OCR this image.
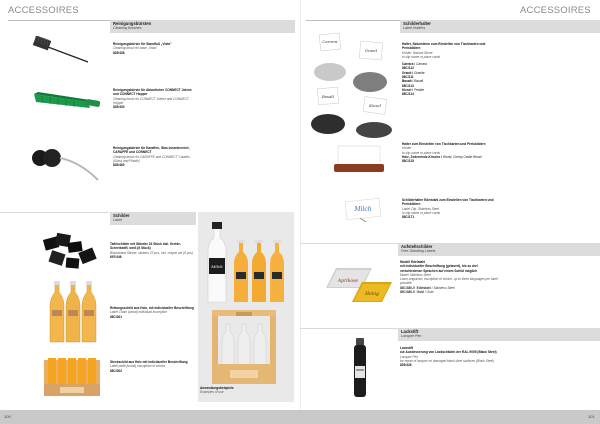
ACCESSOIRES
Reinigungsbürsten
Cleaning Brushes
Reinigungsbürste für Standfuß „Vista"
Cleaning brush for base „Vista"
825/408
Reinigungsbürste für Ablaufrohre CONNECT Jolene und CONNECT Hopper
Cleaning brush for CONNECT Jolene and CONNECT Hopper
825/400
Reinigungsbürste für Karaffen, Glas-Innenbereich, CARAFFE und CONNECT
Cleaning brush for CARAFFE and CONNECT Carafes (Glass and Plastic)
825/460
Schilder
Label
Tafelschilder mit Ständer 23 Stück inkl. Kreide-Schreibstift, weiß (6 Stück)
Blackboard Sticker, stickers 23 pcs, incl. crayon set (6 pcs)
697/446
Rettungsschild aus Holz, mit individueller Beschriftung
Label Chain (wood) individual inscription
88C/301
Steckschild aus Holz mit individueller Beschriftung
Label plate (wood) inscription of choice
88C/302
Milch
Anwendungsbeispiele
Examples of use
100
ACCESSOIRES
Schilderhalter
Label Holders
Carrara
Granit
Basalt
Kiesel
Halter, Natursteine zum Einstellen von Tischkarten und Preisbildern
Holder, Natural Stone
to slip name or place cards
Carrara / Carrara
88C/112
Granit / Granite
88C/111
Basalt / Basalt
88C/113
Kiesel / Pebble
88C/114
Halter zum Einstellen von Tischkarten und Preisbildern
Holder
to slip name or place cards
Holz, Zedernholz-Kirsche / Wood, Cherry Cedar Wood
88C/115
Milch
Schilderhalter Edelstahl zum Einstellen von Tischkarten und Preisbildern
Label Clip, Stainless Steel
to slip name or place cards
88C/171
Aufstellschilder
Free-Standing Labels
Aprikose
Honig
Modell Edelstahl
mit individueller Beschriftung (gelasert), bis zu drei verschiedenen Sprachen auf einem Schild möglich
Model Stainless Steel
Laser-engraved, inscription of choice, up to three languages per label possible
88C/380-0 Edelstahl / Stainless Steel
88C/380-0 Gold / Gold
Lackstift
Lacquer Pen
Lackstift
zur Ausbesserung von Lackschäden der RAL 9005 (Black Steel)
Lacquer Pen
for repair of lacquer on damaged black steel surfaces (Black Steel)
825/426
101
